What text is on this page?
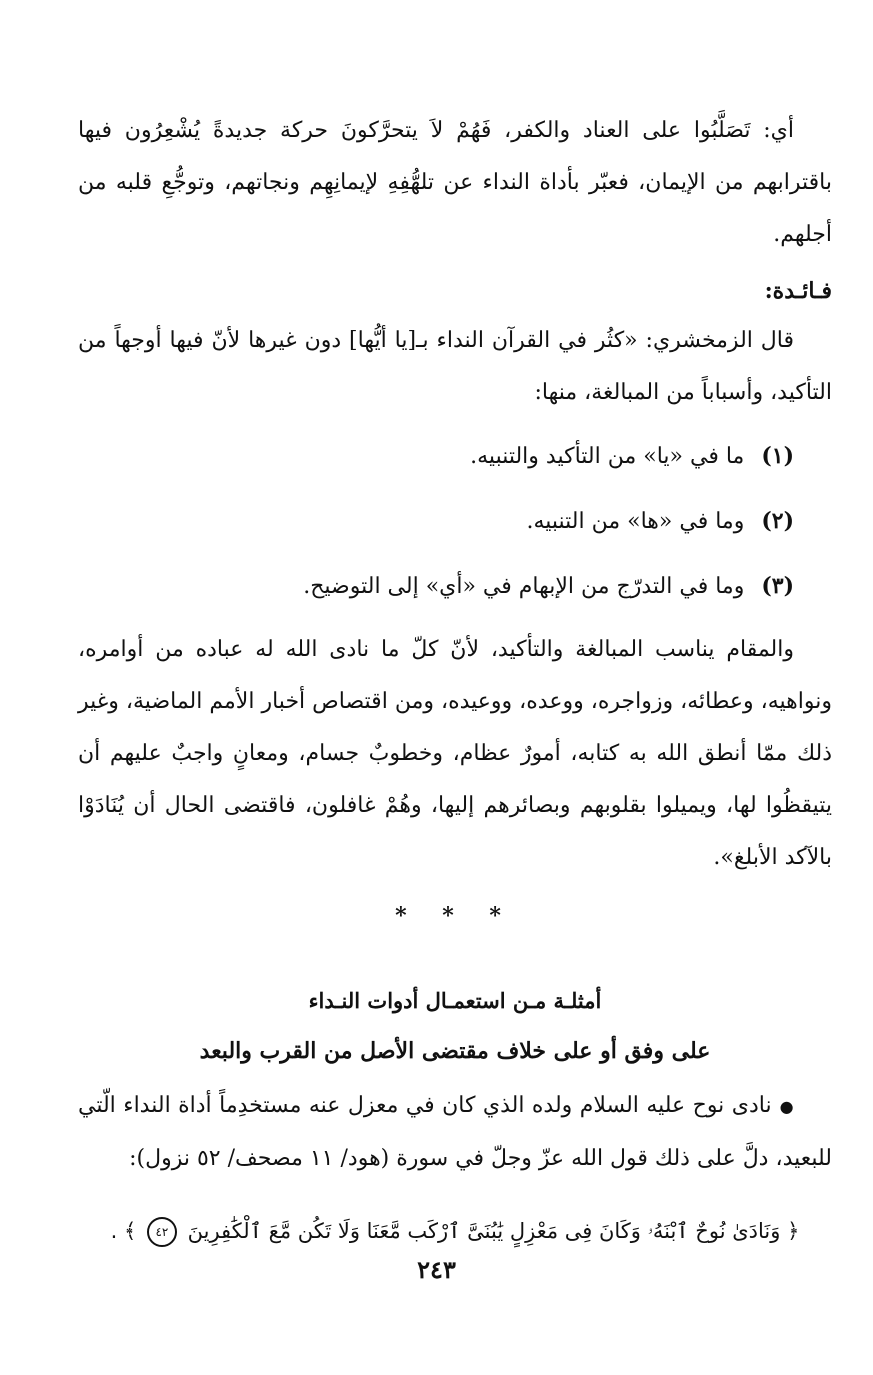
أي: تَصَلَّبُوا على العناد والكفر، فَهُمْ لاَ يتحرَّكونَ حركة جديدةً يُشْعِرُون فيها باقترابهم من الإيمان، فعبّر بأداة النداء عن تلهُّفِهِ لإيمانِهِم ونجاتهم، وتوجُّعِ قلبه من أجلهم.

فـائـدة:

قال الزمخشري: «كثُر في القرآن النداء بـ[يا أيُّها] دون غيرها لأنّ فيها أوجهاً من التأكيد، وأسباباً من المبالغة، منها:

(١) ما في «يا» من التأكيد والتنبيه.

(٢) وما في «ها» من التنبيه.

(٣) وما في التدرّج من الإبهام في «أي» إلى التوضيح.

والمقام يناسب المبالغة والتأكيد، لأنّ كلّ ما نادى الله له عباده من أوامره، ونواهيه، وعطائه، وزواجره، ووعده، ووعيده، ومن اقتصاص أخبار الأمم الماضية، وغير ذلك ممّا أنطق الله به كتابه، أمورٌ عظام، وخطوبٌ جسام، ومعانٍ واجبٌ عليهم أن يتيقظُوا لها، ويميلوا بقلوبهم وبصائرهم إليها، وهُمْ غافلون، فاقتضى الحال أن يُنَادَوْا بالآكد الأبلغ».

* * *

أمثلـة مـن استعمـال أدوات النـداء

على وفق أو على خلاف مقتضى الأصل من القرب والبعد

●نادى نوح عليه السلام ولده الذي كان في معزل عنه مستخدِماً أداة النداء الّتي للبعيد، دلَّ على ذلك قول الله عزّ وجلّ في سورة (هود/ ١١ مصحف/ ٥٢ نزول):

﴿ وَنَادَىٰ نُوحٌ ٱبْنَهُۥ وَكَانَ فِى مَعْزِلٍ يَٰبُنَىَّ ٱرْكَب مَّعَنَا وَلَا تَكُن مَّعَ ٱلْكَٰفِرِينَ ٤٢ ﴾ .

٢٤٣
